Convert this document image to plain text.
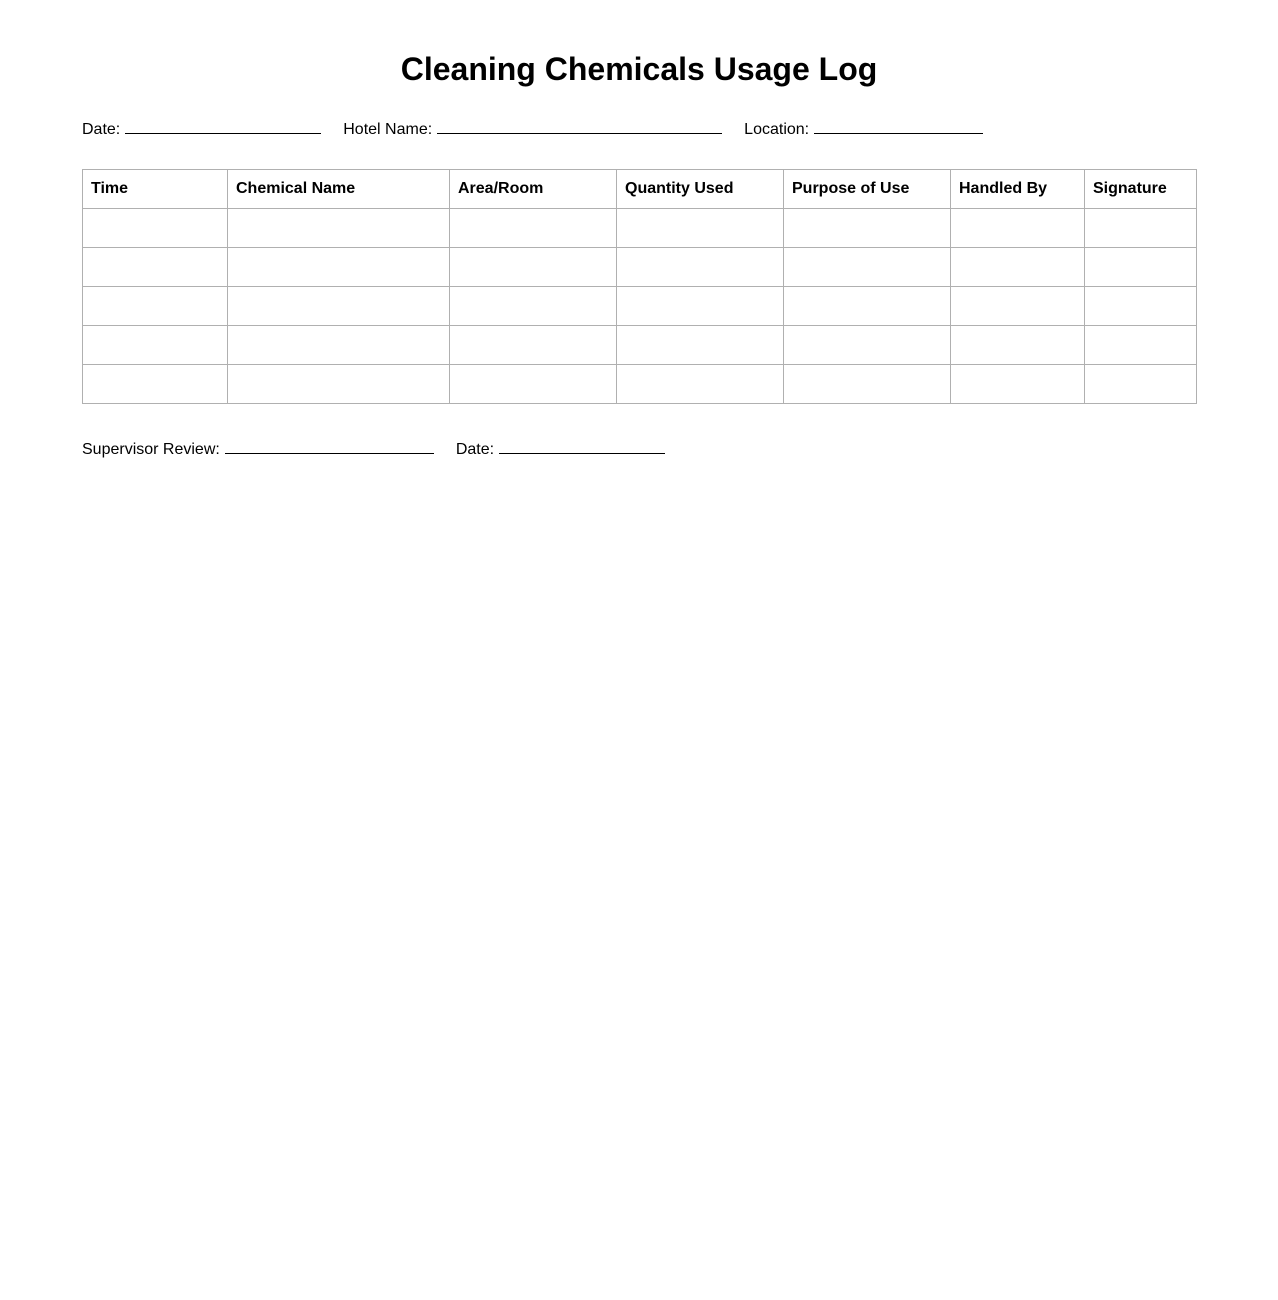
Cleaning Chemicals Usage Log
Date:	Hotel Name:	Location:
Time	Chemical Name	Area/Room	Quantity Used	Purpose of Use	Handled By	Signature

Supervisor Review:	Date:
